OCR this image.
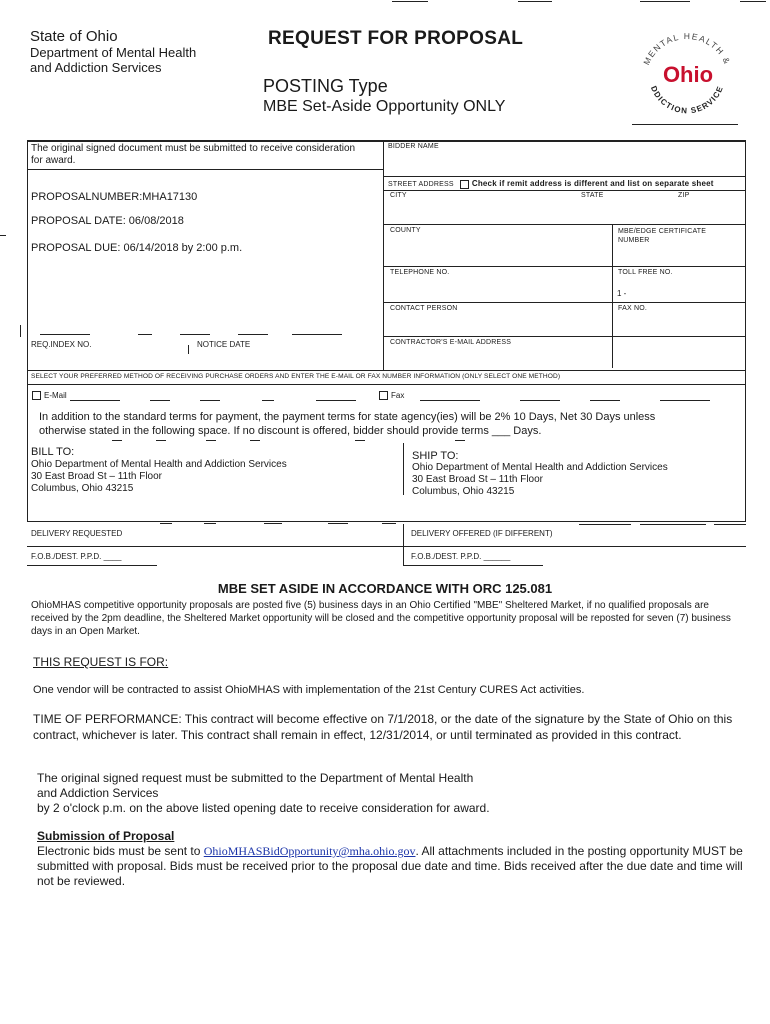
State of Ohio
Department of Mental Health
and Addiction Services
REQUEST FOR PROPOSAL
POSTING Type
MBE Set-Aside Opportunity ONLY
MENTAL HEALTH &
DDICTION SERVICE
Ohio
The original signed document must be submitted to receive consideration for award.
PROPOSALNUMBER:MHA17130
PROPOSAL DATE: 06/08/2018
PROPOSAL DUE: 06/14/2018 by 2:00 p.m.
REQ.INDEX NO.	NOTICE DATE
BIDDER NAME
STREET ADDRESS Check if remit address is different and list on separate sheet
CITY	STATE	ZIP
COUNTY	MBE/EDGE CERTIFICATE NUMBER
TELEPHONE NO.	TOLL FREE NO.
1 -
CONTACT PERSON	FAX NO.
CONTRACTOR'S E-MAIL ADDRESS
SELECT YOUR PREFERRED METHOD OF RECEIVING PURCHASE ORDERS AND ENTER THE E-MAIL OR FAX NUMBER INFORMATION (ONLY SELECT ONE METHOD)
E-Mail	Fax
In addition to the standard terms for payment, the payment terms for state agency(ies) will be 2% 10 Days, Net 30 Days unless
otherwise stated in the following space. If no discount is offered, bidder should provide terms ___ Days.
BILL TO:
Ohio Department of Mental Health and Addiction Services
30 East Broad St – 11th Floor
Columbus, Ohio 43215
SHIP TO:
Ohio Department of Mental Health and Addiction Services
30 East Broad St – 11th Floor
Columbus, Ohio 43215
DELIVERY REQUESTED	DELIVERY OFFERED (IF DIFFERENT)
F.O.B./DEST. P.P.D. ____	F.O.B./DEST. P.P.D. ______
MBE SET ASIDE IN ACCORDANCE WITH ORC 125.081
OhioMHAS competitive opportunity proposals are posted five (5) business days in an Ohio Certified "MBE" Sheltered Market, if no qualified proposals are received by the 2pm deadline, the Sheltered Market opportunity will be closed and the competitive opportunity proposal will be reposted for seven (7) business days in an Open Market.
THIS REQUEST IS FOR:
One vendor will be contracted to assist OhioMHAS with implementation of the 21st Century CURES Act activities.
TIME OF PERFORMANCE: This contract will become effective on 7/1/2018, or the date of the signature by the State of Ohio on this contract, whichever is later. This contract shall remain in effect, 12/31/2014, or until terminated as provided in this contract.
The original signed request must be submitted to the Department of Mental Health
and Addiction Services
by 2 o'clock p.m. on the above listed opening date to receive consideration for award.
Submission of Proposal
Electronic bids must be sent to OhioMHASBidOpportunity@mha.ohio.gov. All attachments included in the posting opportunity MUST be submitted with proposal. Bids must be received prior to the proposal due date and time. Bids received after the due date and time will not be reviewed.
